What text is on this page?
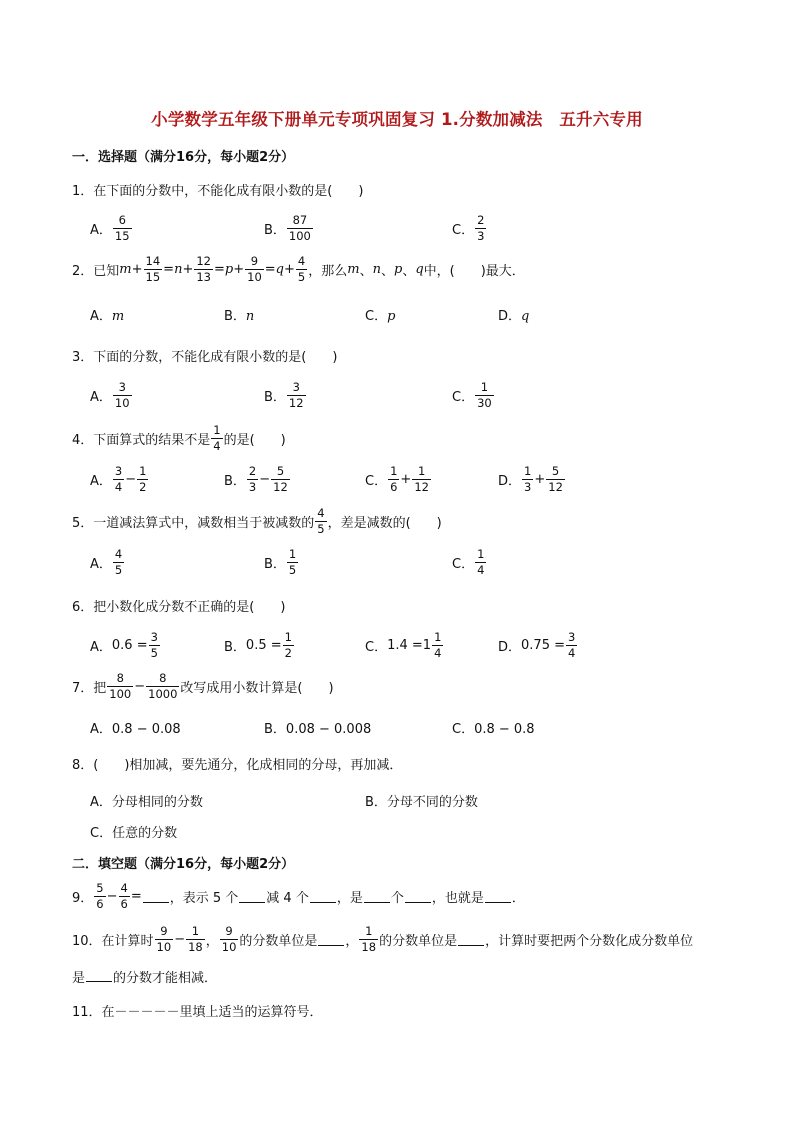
小学数学五年级下册单元专项巩固复习 1.分数加减法　五升六专用
一．选择题（满分16分，每小题2分）
1．在下面的分数中，不能化成有限小数的是(　　)
A． $\frac{6}{15}$	B． $\frac{87}{100}$	C． $\frac{2}{3}$
2．已知 $m + \frac{14}{15} = n + \frac{12}{13} = p + \frac{9}{10} = q + \frac{4}{5}$ ，那么 m 、 n 、 p 、 q 中，(　　)最大．
A．m	B．n	C．p	D．q
3．下面的分数，不能化成有限小数的是(　　)
A． $\frac{3}{10}$	B． $\frac{3}{12}$	C． $\frac{1}{30}$
4．下面算式的结果不是 $\frac{1}{4}$ 的是(　　)
A． $\frac{3}{4} - \frac{1}{2}$	B． $\frac{2}{3} - \frac{5}{12}$	C． $\frac{1}{6} + \frac{1}{12}$	D． $\frac{1}{3} + \frac{5}{12}$
5．一道减法算式中，减数相当于被减数的 $\frac{4}{5}$ ，差是减数的(　　)
A． $\frac{4}{5}$	B． $\frac{1}{5}$	C． $\frac{1}{4}$
6．把小数化成分数不正确的是(　　)
A． $0.6 = \frac{3}{5}$	B． $0.5 = \frac{1}{2}$	C． $1.4 = 1 \frac{1}{4}$	D． $0.75 = \frac{3}{4}$
7．把 $\frac{8}{100} - \frac{8}{1000}$ 改写成用小数计算是(　　)
A．0.8 − 0.08	B．0.08 − 0.008	C．0.8 − 0.8
8．(　　)相加减，要先通分，化成相同的分母，再加减．
A．分母相同的分数	B．分母不同的分数
C．任意的分数
二．填空题（满分16分，每小题2分）
9． $\frac{5}{6} - \frac{4}{6}$ = ，表示 5 个 减 4 个 ，是 个 ，也就是 ．
10．在计算时 $\frac{9}{10} - \frac{1}{18}$ ， $\frac{9}{10}$ 的分数单位是 ， $\frac{1}{18}$ 的分数单位是 ，计算时要把两个分数化成分数单位
是 的分数才能相减．
11．在－－－－－里填上适当的运算符号．
